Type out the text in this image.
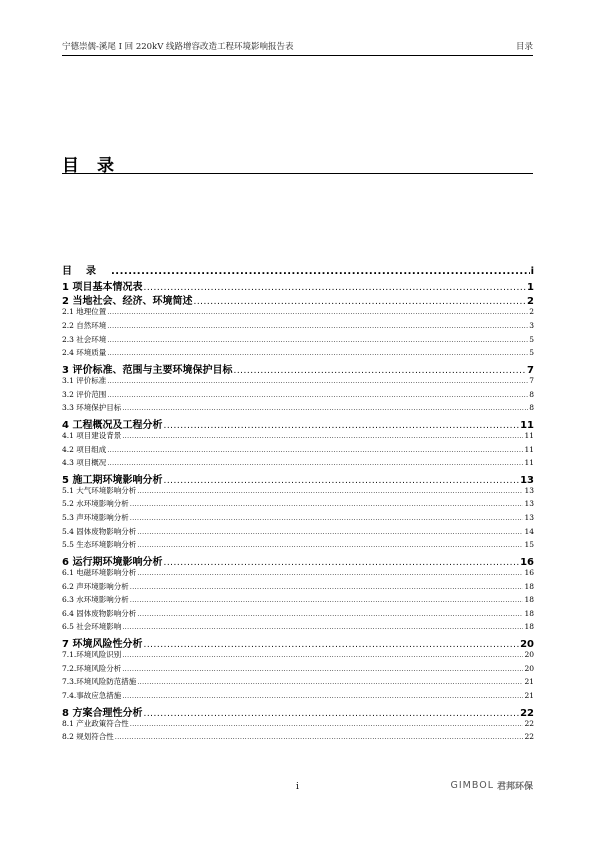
宁德崇儒-溪尾 I 回 220kV 线路增容改造工程环境影响报告表	目录
目录
目录 .....	i
1 项目基本情况表 .....	1
2 当地社会、经济、环境简述 .....	2
2.1 地理位置 .....	2
2.2 自然环境 .....	3
2.3 社会环境 .....	5
2.4 环境质量 .....	5
3 评价标准、范围与主要环境保护目标 .....	7
3.1 评价标准 .....	7
3.2 评价范围 .....	8
3.3 环境保护目标 .....	8
4 工程概况及工程分析 .....	11
4.1 项目建设背景 .....	11
4.2 项目组成 .....	11
4.3 项目概况 .....	11
5 施工期环境影响分析 .....	13
5.1 大气环境影响分析 .....	13
5.2 水环境影响分析 .....	13
5.3 声环境影响分析 .....	13
5.4 固体废物影响分析 .....	14
5.5 生态环境影响分析 .....	15
6 运行期环境影响分析 .....	16
6.1 电磁环境影响分析 .....	16
6.2 声环境影响分析 .....	18
6.3 水环境影响分析 .....	18
6.4 固体废物影响分析 .....	18
6.5 社会环境影响 .....	18
7 环境风险性分析 .....	20
7.1.环境风险识别 .....	20
7.2.环境风险分析 .....	20
7.3.环境风险防范措施 .....	21
7.4.事故应急措施 .....	21
8 方案合理性分析 .....	22
8.1 产业政策符合性 .....	22
8.2 规划符合性 .....	22
i	GIMBOL 君邦环保
